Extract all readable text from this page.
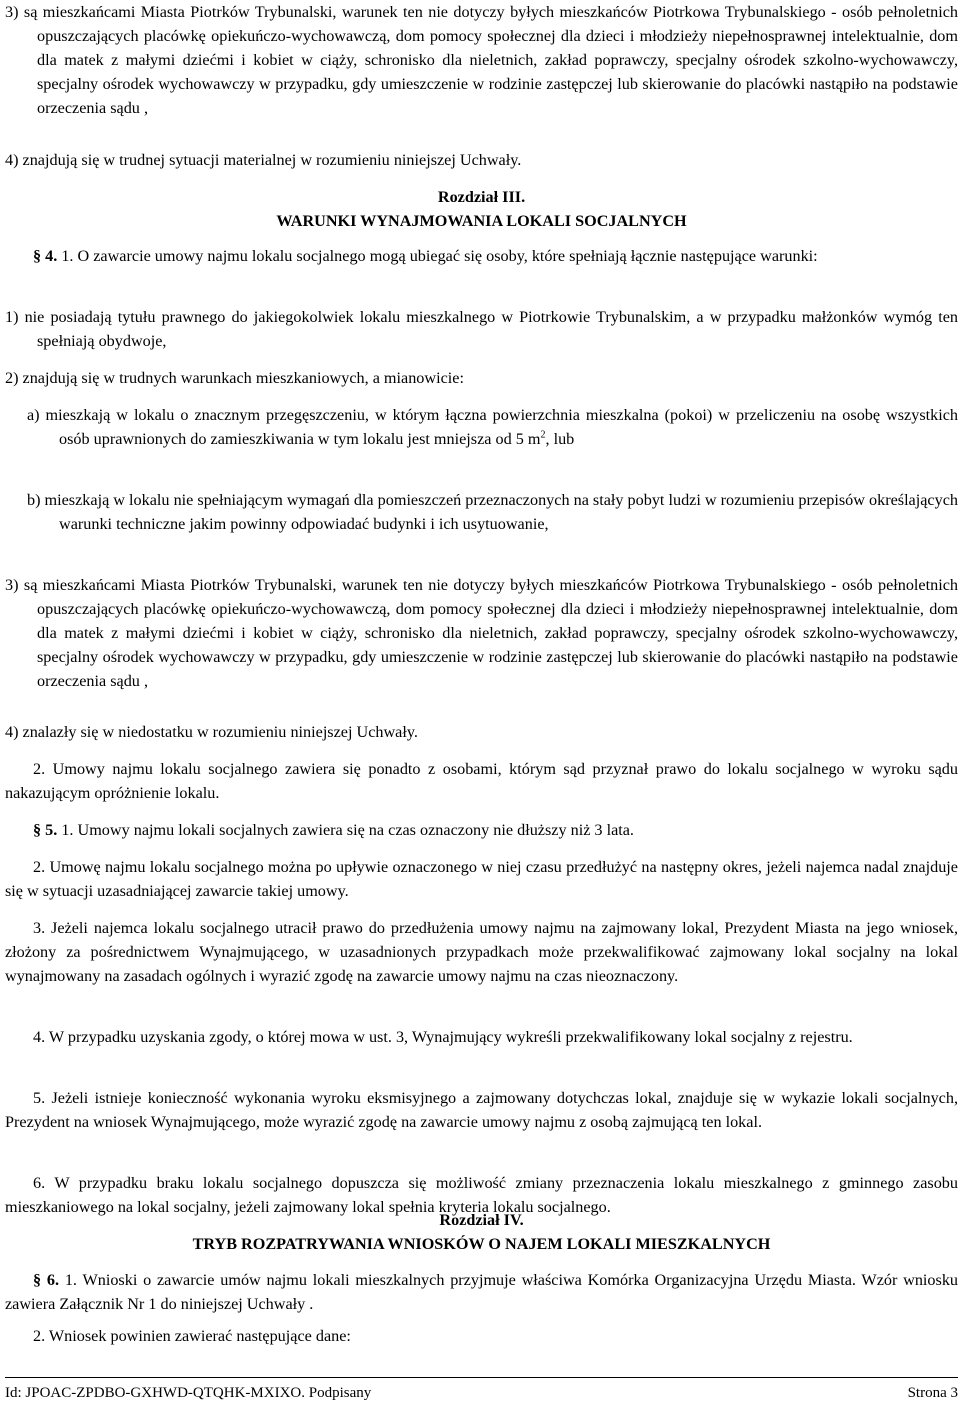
3) są mieszkańcami Miasta Piotrków Trybunalski, warunek ten nie dotyczy byłych mieszkańców Piotrkowa Trybunalskiego - osób pełnoletnich opuszczających placówkę opiekuńczo-wychowawczą, dom pomocy społecznej dla dzieci i młodzieży niepełnosprawnej intelektualnie, dom dla matek z małymi dziećmi i kobiet w ciąży, schronisko dla nieletnich, zakład poprawczy, specjalny ośrodek szkolno-wychowawczy, specjalny ośrodek wychowawczy w przypadku, gdy umieszczenie w rodzinie zastępczej lub skierowanie do placówki nastąpiło na podstawie orzeczenia sądu ,

4) znajdują się w trudnej sytuacji materialnej w rozumieniu niniejszej Uchwały.

Rozdział III.

WARUNKI WYNAJMOWANIA LOKALI SOCJALNYCH

§ 4. 1. O zawarcie umowy najmu lokalu socjalnego mogą ubiegać się osoby, które spełniają łącznie następujące warunki:

1) nie posiadają tytułu prawnego do jakiegokolwiek lokalu mieszkalnego w Piotrkowie Trybunalskim, a w przypadku małżonków wymóg ten spełniają obydwoje,

2) znajdują się w trudnych warunkach mieszkaniowych, a mianowicie:

a) mieszkają w lokalu o znacznym przegęszczeniu, w którym łączna powierzchnia mieszkalna (pokoi) w przeliczeniu na osobę wszystkich osób uprawnionych do zamieszkiwania w tym lokalu jest mniejsza od 5 $m^2$, lub

b) mieszkają w lokalu nie spełniającym wymagań dla pomieszczeń przeznaczonych na stały pobyt ludzi w rozumieniu przepisów określających warunki techniczne jakim powinny odpowiadać budynki i ich usytuowanie,

3) są mieszkańcami Miasta Piotrków Trybunalski, warunek ten nie dotyczy byłych mieszkańców Piotrkowa Trybunalskiego - osób pełnoletnich opuszczających placówkę opiekuńczo-wychowawczą, dom pomocy społecznej dla dzieci i młodzieży niepełnosprawnej intelektualnie, dom dla matek z małymi dziećmi i kobiet w ciąży, schronisko dla nieletnich, zakład poprawczy, specjalny ośrodek szkolno-wychowawczy, specjalny ośrodek wychowawczy w przypadku, gdy umieszczenie w rodzinie zastępczej lub skierowanie do placówki nastąpiło na podstawie orzeczenia sądu ,

4) znalazły się w niedostatku w rozumieniu niniejszej Uchwały.

2. Umowy najmu lokalu socjalnego zawiera się ponadto z osobami, którym sąd przyznał prawo do lokalu socjalnego w wyroku sądu nakazującym opróżnienie lokalu.

§ 5. 1. Umowy najmu lokali socjalnych zawiera się na czas oznaczony nie dłuższy niż 3 lata.

2. Umowę najmu lokalu socjalnego można po upływie oznaczonego w niej czasu przedłużyć na następny okres, jeżeli najemca nadal znajduje się w sytuacji uzasadniającej zawarcie takiej umowy.

3. Jeżeli najemca lokalu socjalnego utracił prawo do przedłużenia umowy najmu na zajmowany lokal, Prezydent Miasta na jego wniosek, złożony za pośrednictwem Wynajmującego, w uzasadnionych przypadkach może przekwalifikować zajmowany lokal socjalny na lokal wynajmowany na zasadach ogólnych i wyrazić zgodę na zawarcie umowy najmu na czas nieoznaczony.

4. W przypadku uzyskania zgody, o której mowa w ust. 3, Wynajmujący wykreśli przekwalifikowany lokal socjalny z rejestru.

5. Jeżeli istnieje konieczność wykonania wyroku eksmisyjnego a zajmowany dotychczas lokal, znajduje się w wykazie lokali socjalnych, Prezydent na wniosek Wynajmującego, może wyrazić zgodę na zawarcie umowy najmu z osobą zajmującą ten lokal.

6. W przypadku braku lokalu socjalnego dopuszcza się możliwość zmiany przeznaczenia lokalu mieszkalnego z gminnego zasobu mieszkaniowego na lokal socjalny, jeżeli zajmowany lokal spełnia kryteria lokalu socjalnego.

Rozdział IV.

TRYB ROZPATRYWANIA WNIOSKÓW O NAJEM LOKALI MIESZKALNYCH

§ 6. 1. Wnioski o zawarcie umów najmu lokali mieszkalnych przyjmuje właściwa Komórka Organizacyjna Urzędu Miasta. Wzór wniosku zawiera Załącznik Nr 1 do niniejszej Uchwały .

2. Wniosek powinien zawierać następujące dane:

Id: JPOAC-ZPDBO-GXHWD-QTQHK-MXIXO. Podpisany	Strona 3
